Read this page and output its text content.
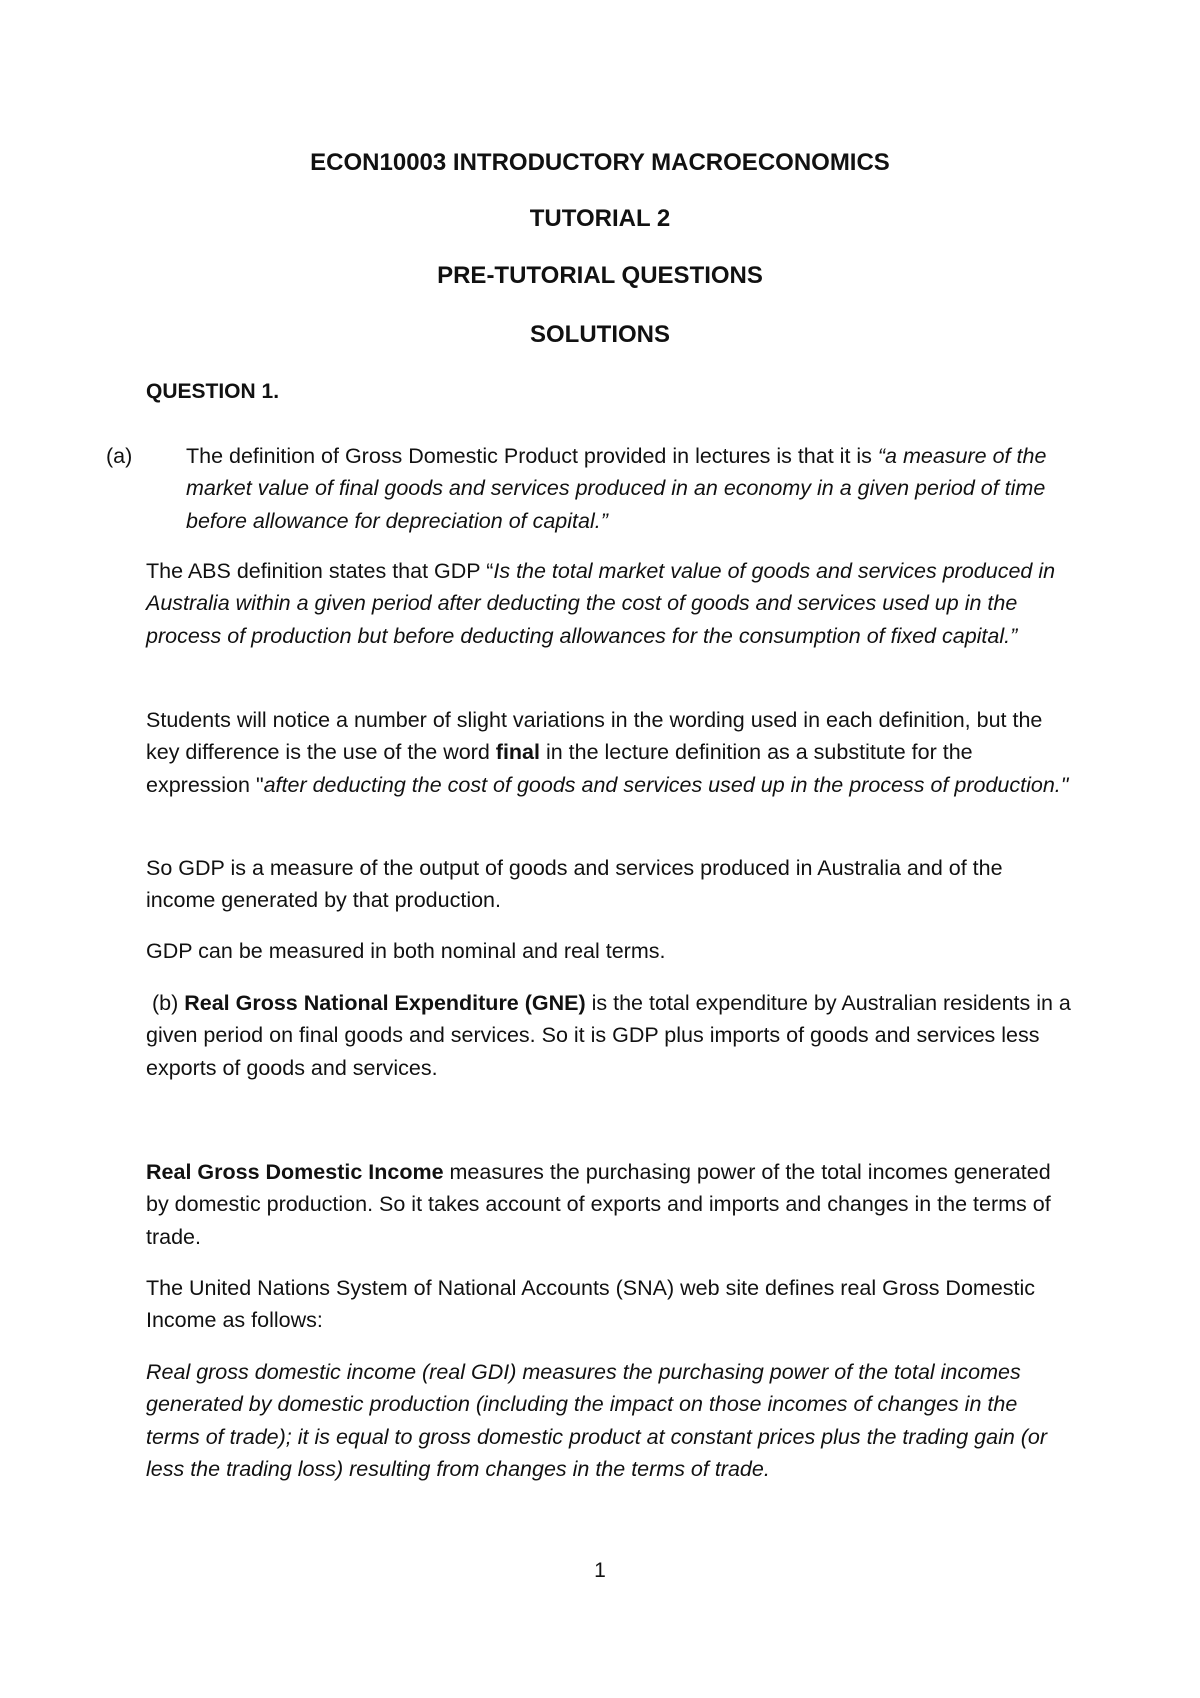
ECON10003 INTRODUCTORY MACROECONOMICS
TUTORIAL 2
PRE-TUTORIAL QUESTIONS
SOLUTIONS
QUESTION 1.
(a) The definition of Gross Domestic Product provided in lectures is that it is “a measure of the market value of final goods and services produced in an economy in a given period of time before allowance for depreciation of capital.”
The ABS definition states that GDP “Is the total market value of goods and services produced in Australia within a given period after deducting the cost of goods and services used up in the process of production but before deducting allowances for the consumption of fixed capital.”
Students will notice a number of slight variations in the wording used in each definition, but the key difference is the use of the word final in the lecture definition as a substitute for the expression "after deducting the cost of goods and services used up in the process of production."
So GDP is a measure of the output of goods and services produced in Australia and of the income generated by that production.
GDP can be measured in both nominal and real terms.
(b) Real Gross National Expenditure (GNE) is the total expenditure by Australian residents in a given period on final goods and services. So it is GDP plus imports of goods and services less exports of goods and services.
Real Gross Domestic Income measures the purchasing power of the total incomes generated by domestic production. So it takes account of exports and imports and changes in the terms of trade.
The United Nations System of National Accounts (SNA) web site defines real Gross Domestic Income as follows:
Real gross domestic income (real GDI) measures the purchasing power of the total incomes generated by domestic production (including the impact on those incomes of changes in the terms of trade); it is equal to gross domestic product at constant prices plus the trading gain (or less the trading loss) resulting from changes in the terms of trade.
1
